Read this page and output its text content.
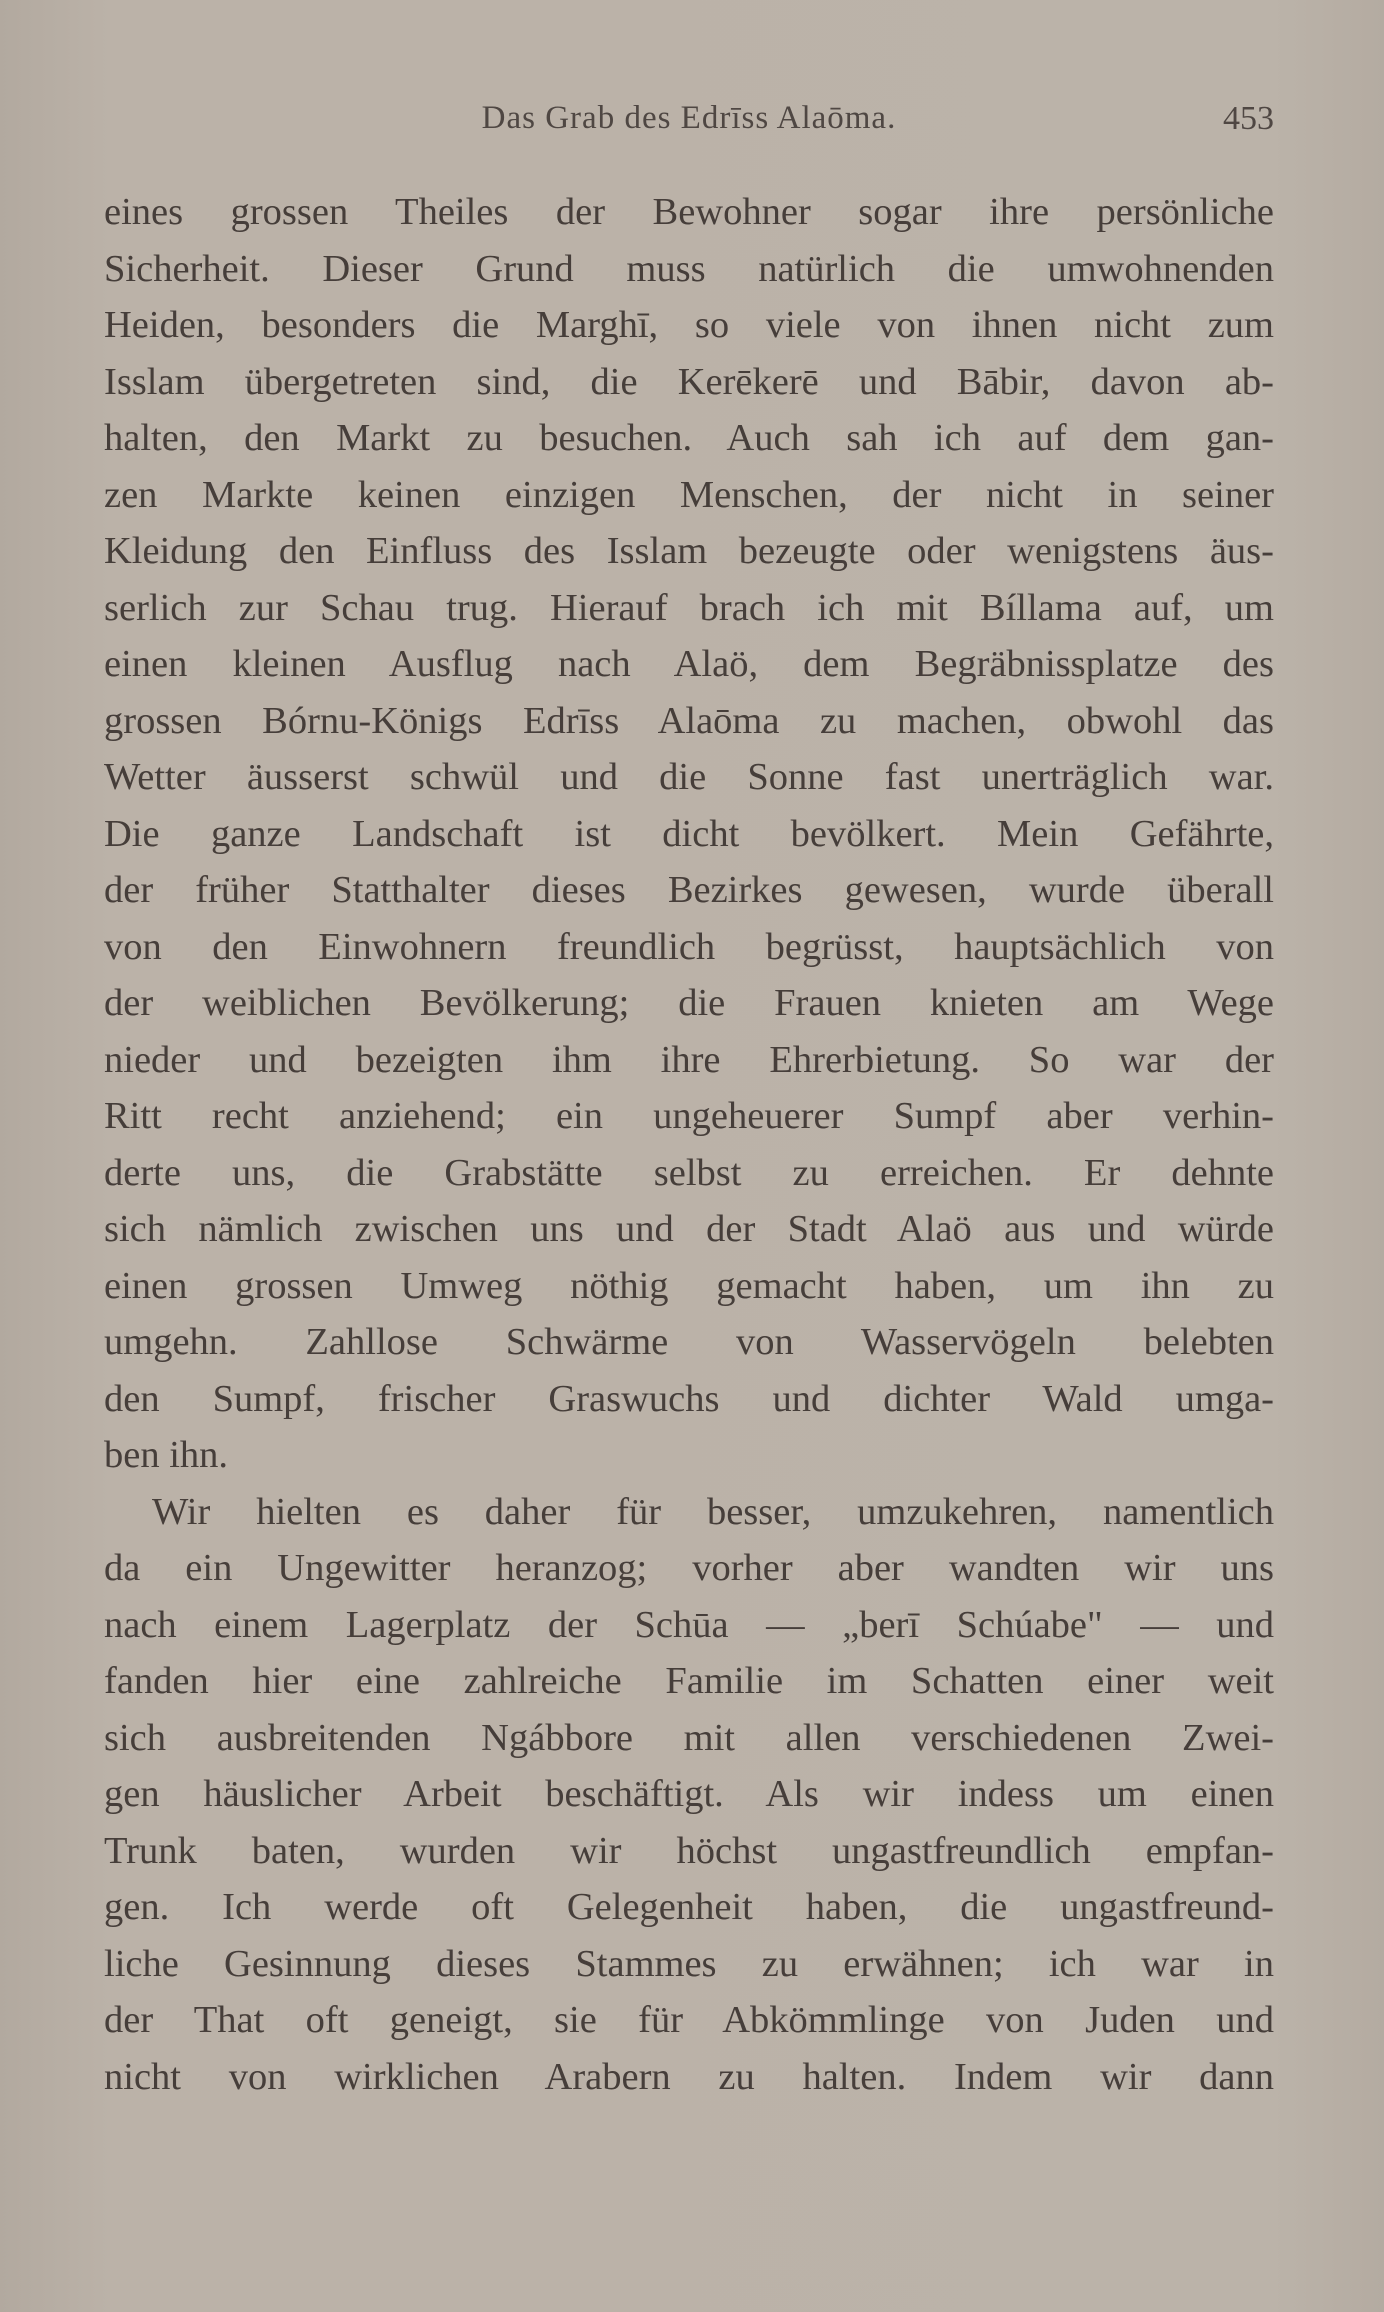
Das Grab des Edrīss Alaōma.	453
eines grossen Theiles der Bewohner sogar ihre persönliche
Sicherheit. Dieser Grund muss natürlich die umwohnenden
Heiden, besonders die Marghī, so viele von ihnen nicht zum
Isslam übergetreten sind, die Kerēkerē und Bābir, davon ab-
halten, den Markt zu besuchen. Auch sah ich auf dem gan-
zen Markte keinen einzigen Menschen, der nicht in seiner
Kleidung den Einfluss des Isslam bezeugte oder wenigstens äus-
serlich zur Schau trug. Hierauf brach ich mit Bíllama auf, um
einen kleinen Ausflug nach Alaö, dem Begräbnissplatze des
grossen Bórnu-Königs Edrīss Alaōma zu machen, obwohl das
Wetter äusserst schwül und die Sonne fast unerträglich war.
Die ganze Landschaft ist dicht bevölkert. Mein Gefährte,
der früher Statthalter dieses Bezirkes gewesen, wurde überall
von den Einwohnern freundlich begrüsst, hauptsächlich von
der weiblichen Bevölkerung; die Frauen knieten am Wege
nieder und bezeigten ihm ihre Ehrerbietung. So war der
Ritt recht anziehend; ein ungeheuerer Sumpf aber verhin-
derte uns, die Grabstätte selbst zu erreichen. Er dehnte
sich nämlich zwischen uns und der Stadt Alaö aus und würde
einen grossen Umweg nöthig gemacht haben, um ihn zu
umgehn. Zahllose Schwärme von Wasservögeln belebten
den Sumpf, frischer Graswuchs und dichter Wald umga-
ben ihn.
Wir hielten es daher für besser, umzukehren, namentlich
da ein Ungewitter heranzog; vorher aber wandten wir uns
nach einem Lagerplatz der Schūa — „berī Schúabe" — und
fanden hier eine zahlreiche Familie im Schatten einer weit
sich ausbreitenden Ngábbore mit allen verschiedenen Zwei-
gen häuslicher Arbeit beschäftigt. Als wir indess um einen
Trunk baten, wurden wir höchst ungastfreundlich empfan-
gen. Ich werde oft Gelegenheit haben, die ungastfreund-
liche Gesinnung dieses Stammes zu erwähnen; ich war in
der That oft geneigt, sie für Abkömmlinge von Juden und
nicht von wirklichen Arabern zu halten. Indem wir dann
